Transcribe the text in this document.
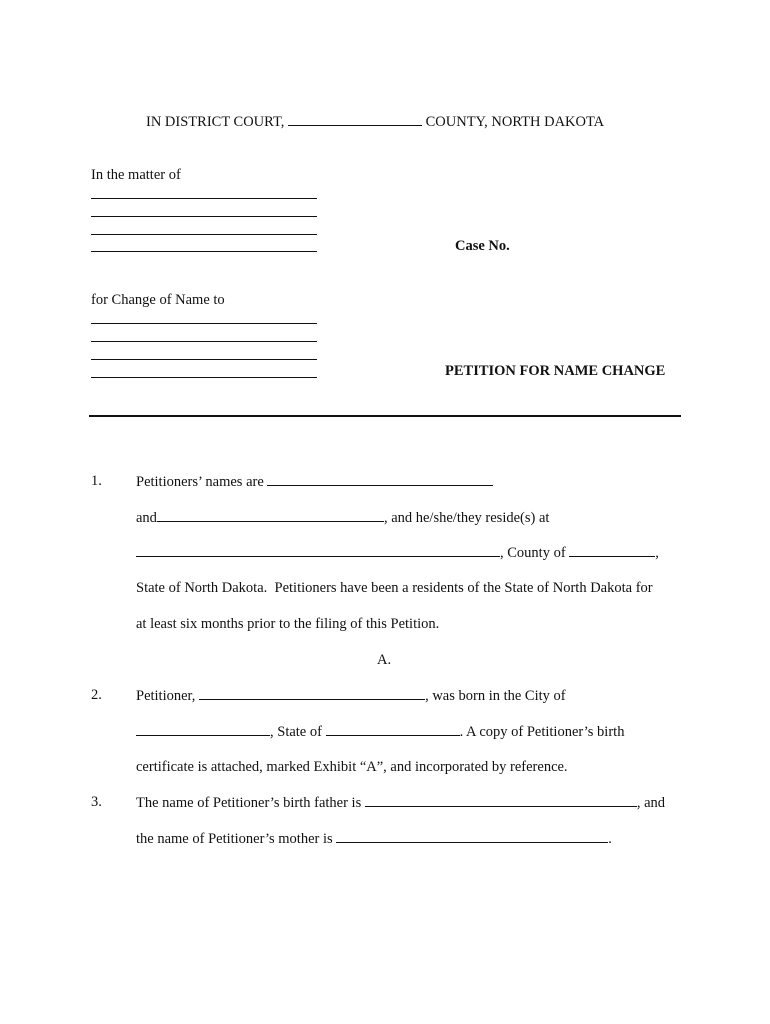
IN DISTRICT COURT,	COUNTY, NORTH DAKOTA
In the matter of
for Change of Name to
Case No.
PETITION FOR NAME CHANGE
1. Petitioners’ names are
and	, and he/she/they reside(s) at
, County of	,
State of North Dakota.  Petitioners have been a residents of the State of North Dakota for
at least six months prior to the filing of this Petition.
A.
2. Petitioner,	, was born in the City of
, State of	. A copy of Petitioner’s birth
certificate is attached, marked Exhibit “A”, and incorporated by reference.
3. The name of Petitioner’s birth father is	, and
the name of Petitioner’s mother is	.
